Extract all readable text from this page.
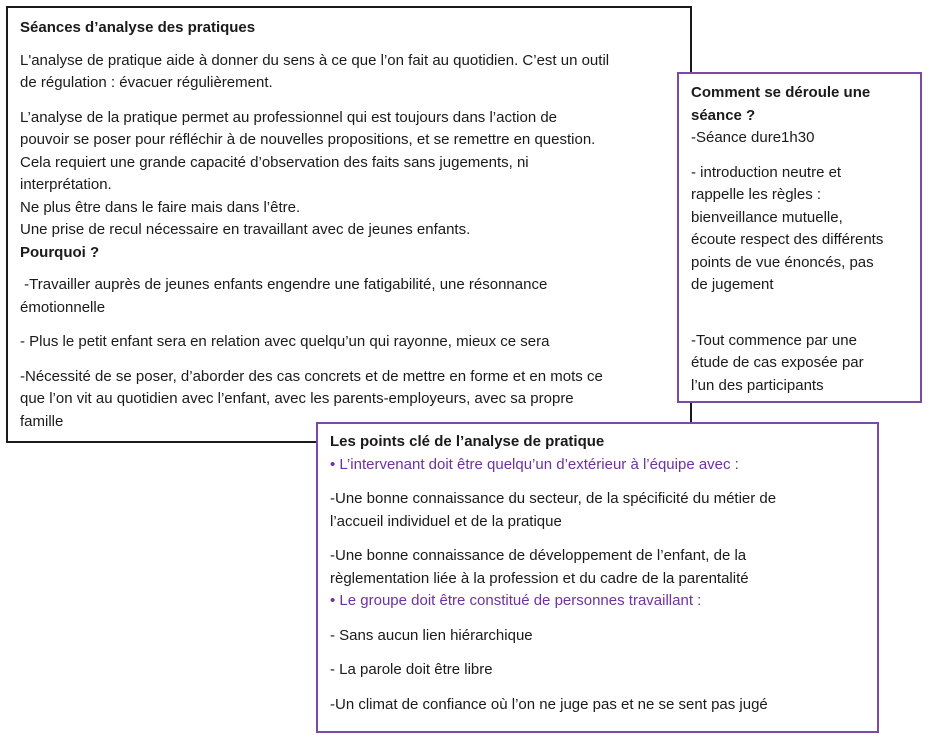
Séances d’analyse des pratiques

L'analyse de pratique aide à donner du sens à ce que l’on fait au quotidien. C’est un outil

de régulation : évacuer régulièrement.

L’analyse de la pratique permet au professionnel qui est toujours dans l’action de

pouvoir se poser pour réfléchir à de nouvelles propositions, et se remettre en question.

Cela requiert une grande capacité d’observation des faits sans jugements, ni

interprétation.

Ne plus être dans le faire mais dans l’être.

Une prise de recul nécessaire en travaillant avec de jeunes enfants.

Pourquoi ?

-Travailler auprès de jeunes enfants engendre une fatigabilité, une résonnance

émotionnelle

- Plus le petit enfant sera en relation avec quelqu’un qui rayonne, mieux ce sera

-Nécessité de se poser, d’aborder des cas concrets et de mettre en forme et en mots ce

que l’on vit au quotidien avec l’enfant, avec les parents-employeurs, avec sa propre

famille

Comment se déroule une

séance ?

-Séance dure1h30

- introduction neutre et

rappelle les règles :

bienveillance mutuelle,

écoute respect des différents

points de vue énoncés, pas

de jugement

-Tout commence par une

étude de cas exposée par

l’un des participants

Les points clé de l’analyse de pratique

• L’intervenant doit être quelqu’un d’extérieur à l’équipe avec :

-Une bonne connaissance du secteur, de la spécificité du métier de

l’accueil individuel et de la pratique

-Une bonne connaissance de développement de l’enfant, de la

règlementation liée à la profession et du cadre de la parentalité

• Le groupe doit être constitué de personnes travaillant :

- Sans aucun lien hiérarchique

- La parole doit être libre

-Un climat de confiance où l’on ne juge pas et ne se sent pas jugé
